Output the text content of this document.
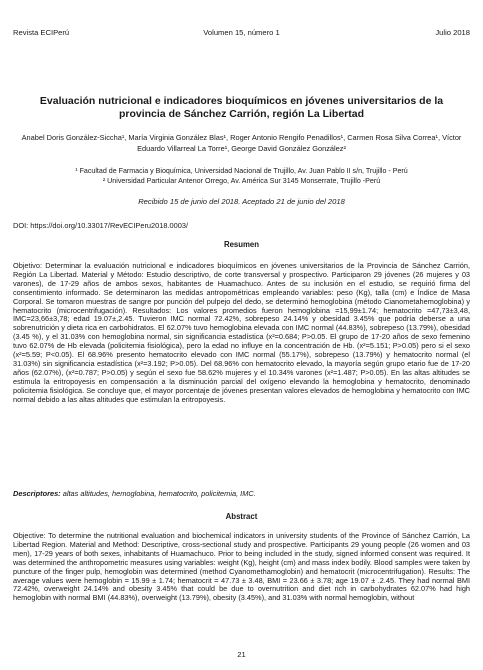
Revista ECIPerú	Volumen 15, número 1	Julio 2018
Evaluación nutricional e indicadores bioquímicos en jóvenes universitarios de la provincia de Sánchez Carrión, región La Libertad
Anabel Doris González-Siccha¹, María Virginia González Blas¹, Roger Antonio Rengifo Penadillos¹, Carmen Rosa Silva Correa¹, Víctor Eduardo Villarreal La Torre¹, George David González González²
¹ Facultad de Farmacia y Bioquímica, Universidad Nacional de Trujillo, Av. Juan Pablo II s/n, Trujillo - Perú
² Universidad Particular Antenor Orrego, Av. América Sur 3145 Monserrate, Trujillo -Perú
Recibido 15 de junio del 2018. Aceptado 21 de junio del 2018
DOI: https://doi.org/10.33017/RevECIPeru2018.0003/
Resumen
Objetivo: Determinar la evaluación nutricional e indicadores bioquímicos en jóvenes universitarios de la Provincia de Sánchez Carrión, Región La Libertad. Material y Método: Estudio descriptivo, de corte transversal y prospectivo. Participaron 29 jóvenes (26 mujeres y 03 varones), de 17-29 años de ambos sexos, habitantes de Huamachuco. Antes de su inclusión en el estudio, se requirió firma del consentimiento informado. Se determinaron las medidas antropométricas empleando variables: peso (Kg), talla (cm) e Índice de Masa Corporal. Se tomaron muestras de sangre por punción del pulpejo del dedo, se determinó hemoglobina (método Cianometahemoglobina) y hematocrito (microcentrifugación). Resultados: Los valores promedios fueron hemoglobina =15,99±1.74; hematocrito =47,73±3,48, IMC=23,66±3,78; edad 19.07±,2.45. Tuvieron IMC normal 72.42%, sobrepeso 24.14% y obesidad 3.45% que podría deberse a una sobrenutrición y dieta rica en carbohidratos. El 62.07% tuvo hemoglobina elevada con IMC normal (44.83%), sobrepeso (13.79%), obesidad (3.45 %), y el 31.03% con hemoglobina normal, sin significancia estadística (x²=0.684; P>0.05. El grupo de 17-20 años de sexo femenino tuvo 62.07% de Hb elevada (policitemia fisiológica), pero la edad no influye en la concentración de Hb. (x²=5.151; P>0.05) pero si el sexo (x²=5.59; P<0.05). El 68.96% presento hematocrito elevado con IMC normal (55.17%), sobrepeso (13.79%) y hematocrito normal (el 31.03%) sin significancia estadística (x²=3.192; P>0.05). Del 68.96% con hematocrito elevado, la mayoría según grupo etario fue de 17-20 años (62.07%), (x²=0.787; P>0.05) y según el sexo fue 58.62% mujeres y el 10.34% varones (x²=1.487; P>0.05). En las altas altitudes se estimula la eritropoyesis en compensación a la disminución parcial del oxígeno elevando la hemoglobina y hematocrito, denominado policitemia fisiológica. Se concluye que, el mayor porcentaje de jóvenes presentan valores elevados de hemoglobina y hematocrito con IMC normal debido a las altas altitudes que estimulan la eritropoyesis.
Descriptores: altas altitudes, hemoglobina, hematocrito, policitemia, IMC.
Abstract
Objective: To determine the nutritional evaluation and biochemical indicators in university students of the Province of Sánchez Carrión, La Libertad Region. Material and Method: Descriptive, cross-sectional study and prospective. Participants 29 young people (26 women and 03 men), 17-29 years of both sexes, inhabitants of Huamachuco. Prior to being included in the study, signed informed consent was required. It was determined the anthropometric measures using variables: weight (Kg), height (cm) and mass index bodily. Blood samples were taken by puncture of the finger pulp, hemoglobin was determined (method Cyanomethamoglobin) and hematocrit (microcentrifugation). Results: The average values were hemoglobin = 15.99 ± 1.74; hematocrit = 47.73 ± 3.48, BMI = 23.66 ± 3.78; age 19.07 ± .2.45. They had normal BMI 72.42%, overweight 24.14% and obesity 3.45% that could be due to overnutrition and diet rich in carbohydrates 62.07% had high hemoglobin with normal BMI (44.83%), overweight (13.79%), obesity (3.45%), and 31.03% with normal hemoglobin, without
21
